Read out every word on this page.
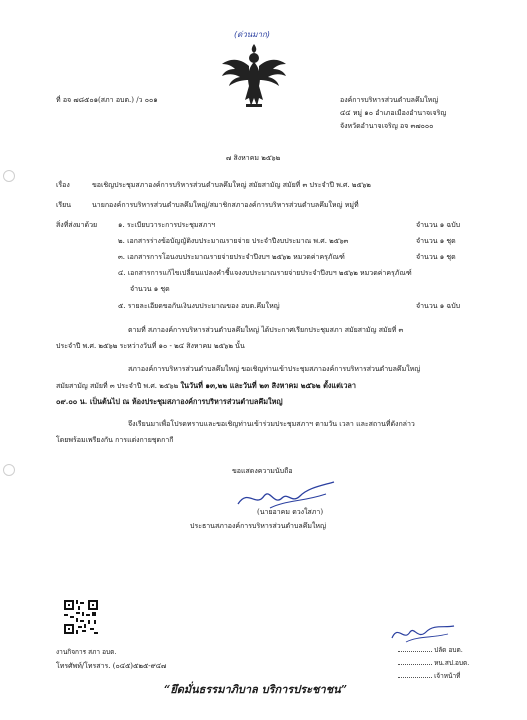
(ด่วนมาก)
ที่ อจ ๗๘๕๐๑(สภา อบต.) /ว ๐๐๑	องค์การบริหารส่วนตำบลคึมใหญ่
๔๔ หมู่ ๑๐ อำเภอเมืองอำนาจเจริญ
จังหวัดอำนาจเจริญ อจ ๓๗๐๐๐
๗ สิงหาคม ๒๕๖๒
เรื่อง	ขอเชิญประชุมสภาองค์การบริหารส่วนตำบลคึมใหญ่ สมัยสามัญ สมัยที่ ๓ ประจำปี พ.ศ. ๒๕๖๒
เรียน	นายกองค์การบริหารส่วนตำบลคึมใหญ่/สมาชิกสภาองค์การบริหารส่วนตำบลคึมใหญ่ หมู่ที่
สิ่งที่ส่งมาด้วย	๑. ระเบียบวาระการประชุมสภาฯ	จำนวน ๑ ฉบับ
๒. เอกสารร่างข้อบัญญัติงบประมาณรายจ่าย ประจำปีงบประมาณ พ.ศ. ๒๕๖๓	จำนวน ๑ ชุด
๓. เอกสารการโอนงบประมาณรายจ่ายประจำปีงบฯ ๒๕๖๒ หมวดค่าครุภัณฑ์	จำนวน ๑ ชุด
๔. เอกสารการแก้ไขเปลี่ยนแปลงคำชี้แจงงบประมาณรายจ่ายประจำปีงบฯ ๒๕๖๒ หมวดค่าครุภัณฑ์
จำนวน ๑ ชุด
๕. รายละเอียดขอกันเงินงบประมาณของ อบต.คึมใหญ่	จำนวน ๑ ฉบับ
ตามที่ สภาองค์การบริหารส่วนตำบลคึมใหญ่ ได้ประกาศเรียกประชุมสภา สมัยสามัญ สมัยที่ ๓
ประจำปี พ.ศ. ๒๕๖๒ ระหว่างวันที่ ๑๐ - ๒๔ สิงหาคม ๒๕๖๒ นั้น
สภาองค์การบริหารส่วนตำบลคึมใหญ่ ขอเชิญท่านเข้าประชุมสภาองค์การบริหารส่วนตำบลคึมใหญ่
สมัยสามัญ สมัยที่ ๓ ประจำปี พ.ศ. ๒๕๖๒ ในวันที่ ๑๓,๒๒ และวันที่ ๒๓ สิงหาคม ๒๕๖๒ ตั้งแต่เวลา
๐๙.๐๐ น. เป็นต้นไป ณ ห้องประชุมสภาองค์การบริหารส่วนตำบลคึมใหญ่
จึงเรียนมาเพื่อโปรดทราบและขอเชิญท่านเข้าร่วมประชุมสภาฯ ตามวัน เวลา และสถานที่ดังกล่าว
โดยพร้อมเพรียงกัน การแต่งกายชุดกากี
ขอแสดงความนับถือ
(นายอาคม ดวงใสภา)
ประธานสภาองค์การบริหารส่วนตำบลคึมใหญ่
งานกิจการ สภา อบต.
โทรศัพท์/โทรสาร. (๐๔๕)๕๒๕-๙๔๗
“ยึดมั่นธรรมาภิบาล บริการประชาชน”
ปลัด อบต.
หน.สป.อบต.
เจ้าหน้าที่
